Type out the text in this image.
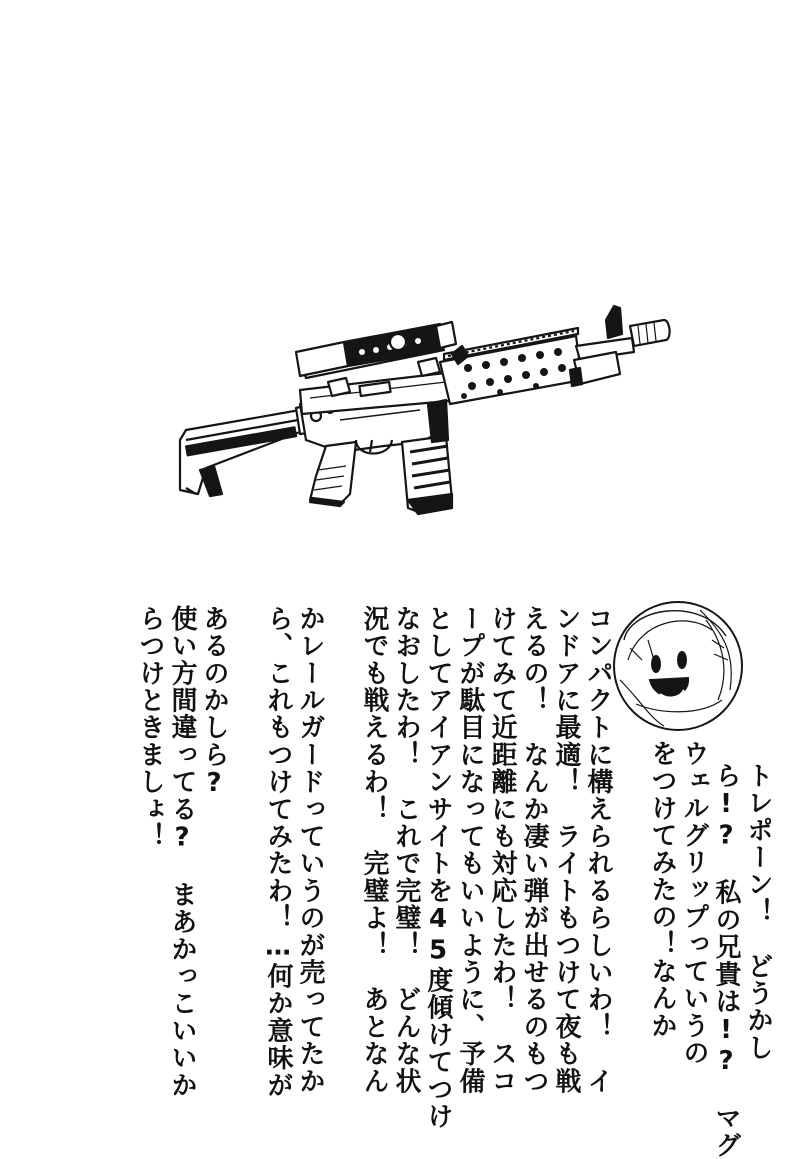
トレポーン！　どうかし
ら!?　私の兄貴は!?　マグ
ウェルグリップっていうの
をつけてみたの！なんか
コンパクトに構えられるらしいわ！　イ
ンドアに最適！　ライトもつけて夜も戦
えるの！　なんか凄い弾が出せるのもつ
けてみて近距離にも対応したわ！　スコ
ープが駄目になってもいいように、予備
としてアイアンサイトを45度傾けてつけ
なおしたわ！　これで完璧！　どんな状
況でも戦えるわ！　完璧よ！　あとなん
かレールガードっていうのが売ってたか
ら、これもつけてみたわ！…何か意味が
あるのかしら?
使い方間違ってる?　まあかっこいいか
らつけときましょ！
